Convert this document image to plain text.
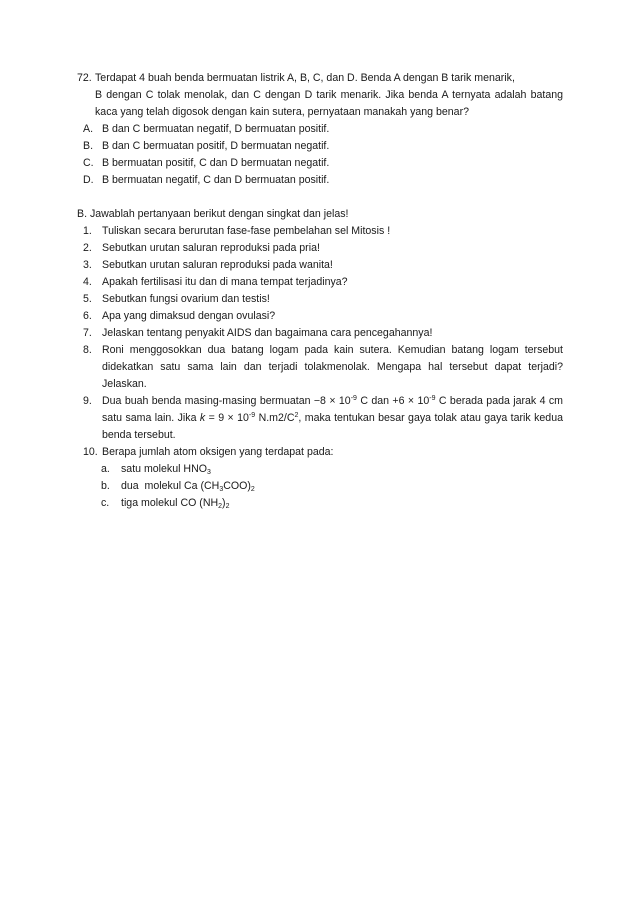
72. Terdapat 4 buah benda bermuatan listrik A, B, C, dan D. Benda A dengan B tarik menarik,
B dengan C tolak menolak, dan C dengan D tarik menarik. Jika benda A ternyata adalah batang kaca yang telah digosok dengan kain sutera, pernyataan manakah yang benar?
A. B dan C bermuatan negatif, D bermuatan positif.
B. B dan C bermuatan positif, D bermuatan negatif.
C. B bermuatan positif, C dan D bermuatan negatif.
D. B bermuatan negatif, C dan D bermuatan positif.
B. Jawablah pertanyaan berikut dengan singkat dan jelas!
1. Tuliskan secara berurutan fase-fase pembelahan sel Mitosis !
2. Sebutkan urutan saluran reproduksi pada pria!
3. Sebutkan urutan saluran reproduksi pada wanita!
4. Apakah fertilisasi itu dan di mana tempat terjadinya?
5. Sebutkan fungsi ovarium dan testis!
6. Apa yang dimaksud dengan ovulasi?
7. Jelaskan tentang penyakit AIDS dan bagaimana cara pencegahannya!
8. Roni menggosokkan dua batang logam pada kain sutera. Kemudian batang logam tersebut didekatkan satu sama lain dan terjadi tolakmenolak. Mengapa hal tersebut dapat terjadi? Jelaskan.
9. Dua buah benda masing-masing bermuatan $-8 \times 10^{-9}$ C dan $+6 \times 10^{-9}$ C berada pada jarak 4 cm satu sama lain. Jika $k = 9 \times 10^{-9}$ $N.m2/C^2$, maka tentukan besar gaya tolak atau gaya tarik kedua benda tersebut.
10. Berapa jumlah atom oksigen yang terdapat pada:
a.	satu molekul $HNO_3$
b.	dua  molekul Ca $(CH_3COO)_2$
c.	tiga molekul CO $(NH_2)_2$
